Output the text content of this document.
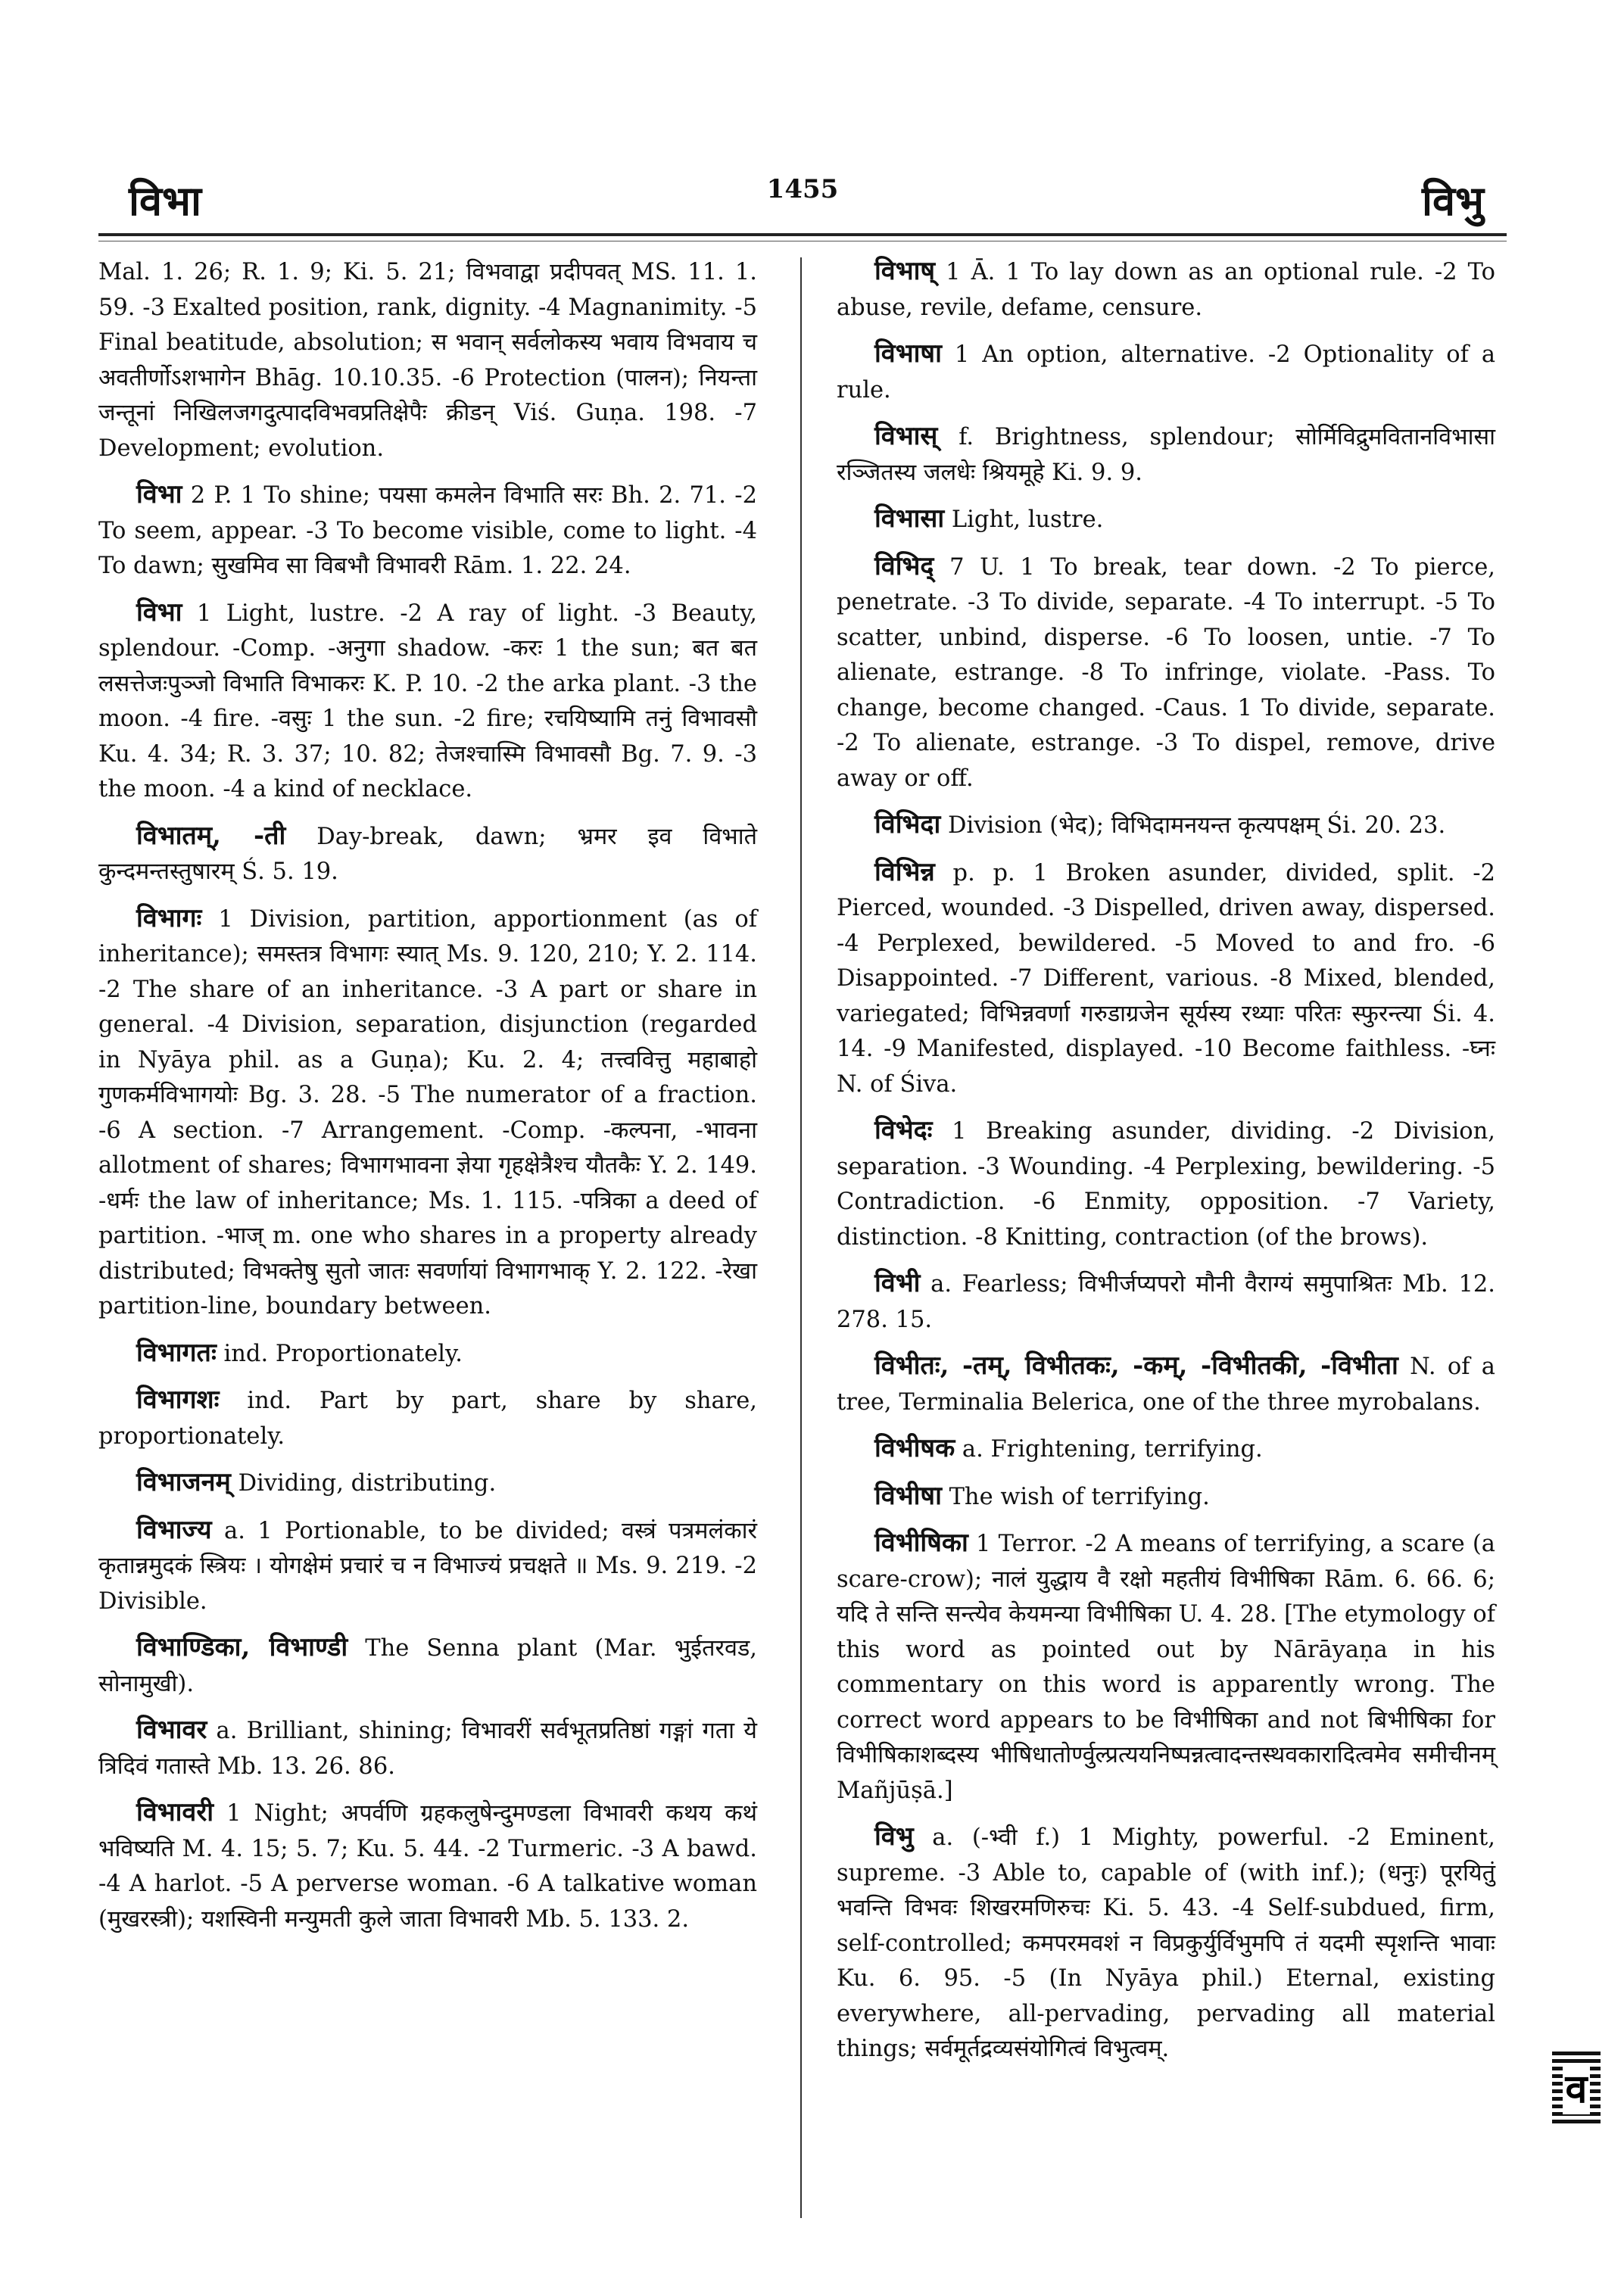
विभा	1455	विभु

Mal. 1. 26; R. 1. 9; Ki. 5. 21; विभवाद्वा प्रदीपवत् MS. 11. 1. 59. -3 Exalted position, rank, dignity. -4 Magnanimity. -5 Final beatitude, absolution; स भवान् सर्वलोकस्य भवाय विभवाय च अवतीर्णोऽशभागेन Bhāg. 10.10.35. -6 Protection (पालन); नियन्ता जन्तूनां निखिलजगदुत्पादविभवप्रतिक्षेपैः क्रीडन् Viś. Guṇa. 198. -7 Development; evolution.

विभा 2 P. 1 To shine; पयसा कमलेन विभाति सरः Bh. 2. 71. -2 To seem, appear. -3 To become visible, come to light. -4 To dawn; सुखमिव सा विबभौ विभावरी Rām. 1. 22. 24.

विभा 1 Light, lustre. -2 A ray of light. -3 Beauty, splendour. -Comp. -अनुगा shadow. -करः 1 the sun; बत बत लसत्तेजःपुञ्जो विभाति विभाकरः K. P. 10. -2 the arka plant. -3 the moon. -4 fire. -वसुः 1 the sun. -2 fire; रचयिष्यामि तनुं विभावसौ Ku. 4. 34; R. 3. 37; 10. 82; तेजश्चास्मि विभावसौ Bg. 7. 9. -3 the moon. -4 a kind of necklace.

विभातम्, -ती Day-break, dawn; भ्रमर इव विभाते कुन्दमन्तस्तुषारम् Ś. 5. 19.

विभागः 1 Division, partition, apportionment (as of inheritance); समस्तत्र विभागः स्यात् Ms. 9. 120, 210; Y. 2. 114. -2 The share of an inheritance. -3 A part or share in general. -4 Division, separation, disjunction (regarded in Nyāya phil. as a Guṇa); Ku. 2. 4; तत्त्ववित्तु महाबाहो गुणकर्मविभागयोः Bg. 3. 28. -5 The numerator of a fraction. -6 A section. -7 Arrangement. -Comp. -कल्पना, -भावना allotment of shares; विभागभावना ज्ञेया गृहक्षेत्रैश्च यौतकैः Y. 2. 149. -धर्मः the law of inheritance; Ms. 1. 115. -पत्रिका a deed of partition. -भाज् m. one who shares in a property already distributed; विभक्तेषु सुतो जातः सवर्णायां विभागभाक् Y. 2. 122. -रेखा partition-line, boundary between.

विभागतः ind. Proportionately.

विभागशः ind. Part by part, share by share, proportionately.

विभाजनम् Dividing, distributing.

विभाज्य a. 1 Portionable, to be divided; वस्त्रं पत्रमलंकारं कृतान्नमुदकं स्त्रियः । योगक्षेमं प्रचारं च न विभाज्यं प्रचक्षते ॥ Ms. 9. 219. -2 Divisible.

विभाण्डिका, विभाण्डी The Senna plant (Mar. भुईतरवड, सोनामुखी).

विभावर a. Brilliant, shining; विभावरीं सर्वभूतप्रतिष्ठां गङ्गां गता ये त्रिदिवं गतास्ते Mb. 13. 26. 86.

विभावरी 1 Night; अपर्वणि ग्रहकलुषेन्दुमण्डला विभावरी कथय कथं भविष्यति M. 4. 15; 5. 7; Ku. 5. 44. -2 Turmeric. -3 A bawd. -4 A harlot. -5 A perverse woman. -6 A talkative woman (मुखरस्त्री); यशस्विनी मन्युमती कुले जाता विभावरी Mb. 5. 133. 2.

विभाष् 1 Ā. 1 To lay down as an optional rule. -2 To abuse, revile, defame, censure.

विभाषा 1 An option, alternative. -2 Optionality of a rule.

विभास् f. Brightness, splendour; सोर्मिविद्रुमवितानविभासा रञ्जितस्य जलधेः श्रियमूहे Ki. 9. 9.

विभासा Light, lustre.

विभिद् 7 U. 1 To break, tear down. -2 To pierce, penetrate. -3 To divide, separate. -4 To interrupt. -5 To scatter, unbind, disperse. -6 To loosen, untie. -7 To alienate, estrange. -8 To infringe, violate. -Pass. To change, become changed. -Caus. 1 To divide, separate. -2 To alienate, estrange. -3 To dispel, remove, drive away or off.

विभिदा Division (भेद); विभिदामनयन्त कृत्यपक्षम् Śi. 20. 23.

विभिन्न p. p. 1 Broken asunder, divided, split. -2 Pierced, wounded. -3 Dispelled, driven away, dispersed. -4 Perplexed, bewildered. -5 Moved to and fro. -6 Disappointed. -7 Different, various. -8 Mixed, blended, variegated; विभिन्नवर्णा गरुडाग्रजेन सूर्यस्य रथ्याः परितः स्फुरन्त्या Śi. 4. 14. -9 Manifested, displayed. -10 Become faithless. -घ्नः N. of Śiva.

विभेदः 1 Breaking asunder, dividing. -2 Division, separation. -3 Wounding. -4 Perplexing, bewildering. -5 Contradiction. -6 Enmity, opposition. -7 Variety, distinction. -8 Knitting, contraction (of the brows).

विभी a. Fearless; विभीर्जप्यपरो मौनी वैराग्यं समुपाश्रितः Mb. 12. 278. 15.

विभीतः, -तम्, विभीतकः, -कम्, -विभीतकी, -विभीता N. of a tree, Terminalia Belerica, one of the three myrobalans.

विभीषक a. Frightening, terrifying.

विभीषा The wish of terrifying.

विभीषिका 1 Terror. -2 A means of terrifying, a scare (a scare-crow); नालं युद्धाय वै रक्षो महतीयं विभीषिका Rām. 6. 66. 6; यदि ते सन्ति सन्त्येव केयमन्या विभीषिका U. 4. 28. [The etymology of this word as pointed out by Nārāyaṇa in his commentary on this word is apparently wrong. The correct word appears to be विभीषिका and not बिभीषिका for विभीषिकाशब्दस्य भीषिधातोर्ण्वुल्प्रत्ययनिष्पन्नत्वादन्तस्थवकारादित्वमेव समीचीनम् Mañjūṣā.]

विभु a. (-भ्वी f.) 1 Mighty, powerful. -2 Eminent, supreme. -3 Able to, capable of (with inf.); (धनुः) पूरयितुं भवन्ति विभवः शिखरमणिरुचः Ki. 5. 43. -4 Self-subdued, firm, self-controlled; कमपरमवशं न विप्रकुर्युर्विभुमपि तं यदमी स्पृशन्ति भावाः Ku. 6. 95. -5 (In Nyāya phil.) Eternal, existing everywhere, all-pervading, pervading all material things; सर्वमूर्तद्रव्यसंयोगित्वं विभुत्वम्.

व
